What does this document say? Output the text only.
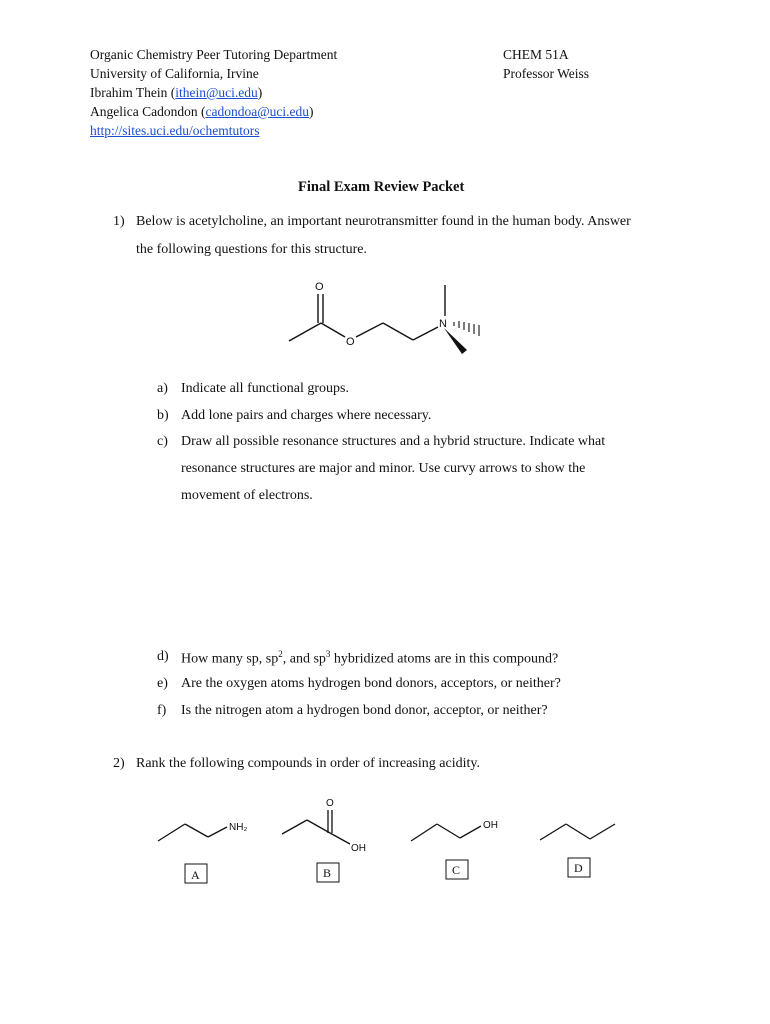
Organic Chemistry Peer Tutoring Department
University of California, Irvine
Ibrahim Thein (ithein@uci.edu)
Angelica Cadondon (cadondoa@uci.edu)
http://sites.uci.edu/ochemtutors
CHEM 51A
Professor Weiss
Final Exam Review Packet
1) Below is acetylcholine, an important neurotransmitter found in the human body. Answer
the following questions for this structure.
O
O
N
NH₂
A
O
OH
B
OH
C	D
a) Indicate all functional groups.
b) Add lone pairs and charges where necessary.
c) Draw all possible resonance structures and a hybrid structure. Indicate what
resonance structures are major and minor. Use curvy arrows to show the
movement of electrons.
d) How many sp, $sp^2$, and $sp^3$ hybridized atoms are in this compound?
e) Are the oxygen atoms hydrogen bond donors, acceptors, or neither?
f) Is the nitrogen atom a hydrogen bond donor, acceptor, or neither?
2) Rank the following compounds in order of increasing acidity.
